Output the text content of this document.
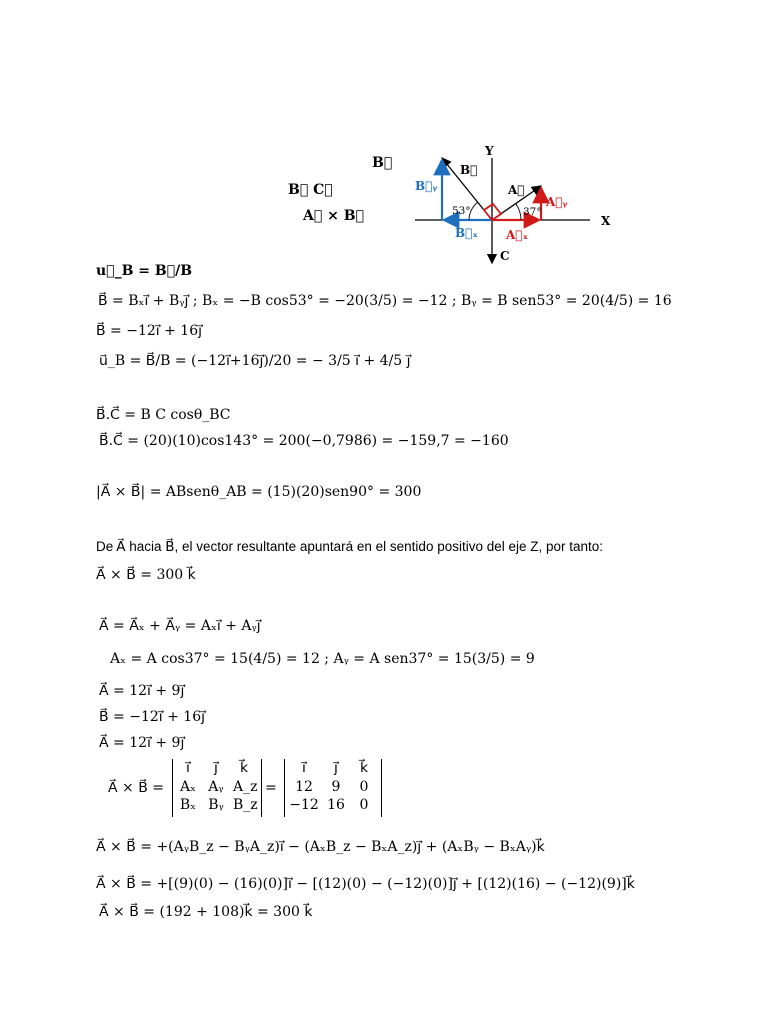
B⃗
B⃗ C⃗
A⃗ × B⃗
Y
X
C
B⃗
A⃗
B⃗ᵧ
B⃗ₓ
A⃗ᵧ
A⃗ₓ
53°	37°
u⃗_B = B⃗/B
B⃗ = Bₓi⃗ + Bᵧj⃗ ; Bₓ = −B cos53° = −20(3/5) = −12 ; Bᵧ = B sen53° = 20(4/5) = 16
B⃗ = −12i⃗ + 16j⃗
u⃗_B = B⃗/B = (−12i⃗+16j⃗)/20 = − 3/5 i⃗ + 4/5 j⃗
B⃗.C⃗ = B C cosθ_BC
B⃗.C⃗ = (20)(10)cos143° = 200(−0,7986) = −159,7 = −160
|A⃗ × B⃗| = ABsenθ_AB = (15)(20)sen90° = 300
De A⃗ hacia B⃗, el vector resultante apuntará en el sentido positivo del eje Z, por tanto:
A⃗ × B⃗ = 300 k⃗
A⃗ = A⃗ₓ + A⃗ᵧ = Aₓi⃗ + Aᵧj⃗
Aₓ = A cos37° = 15(4/5) = 12 ; Aᵧ = A sen37° = 15(3/5) = 9
A⃗ = 12i⃗ + 9j⃗
B⃗ = −12i⃗ + 16j⃗
A⃗ = 12i⃗ + 9j⃗
A⃗ × B⃗ =
i⃗	j⃗	k⃗
Aₓ Aᵧ A_z
Bₓ Bᵧ B_z
=
i⃗	j⃗	k⃗
12	9	0
−12 16	0
A⃗ × B⃗ = +(AᵧB_z − BᵧA_z)i⃗ − (AₓB_z − BₓA_z)j⃗ + (AₓBᵧ − BₓAᵧ)k⃗
A⃗ × B⃗ = +[(9)(0) − (16)(0)]i⃗ − [(12)(0) − (−12)(0)]j⃗ + [(12)(16) − (−12)(9)]k⃗
A⃗ × B⃗ = (192 + 108)k⃗ = 300 k⃗
